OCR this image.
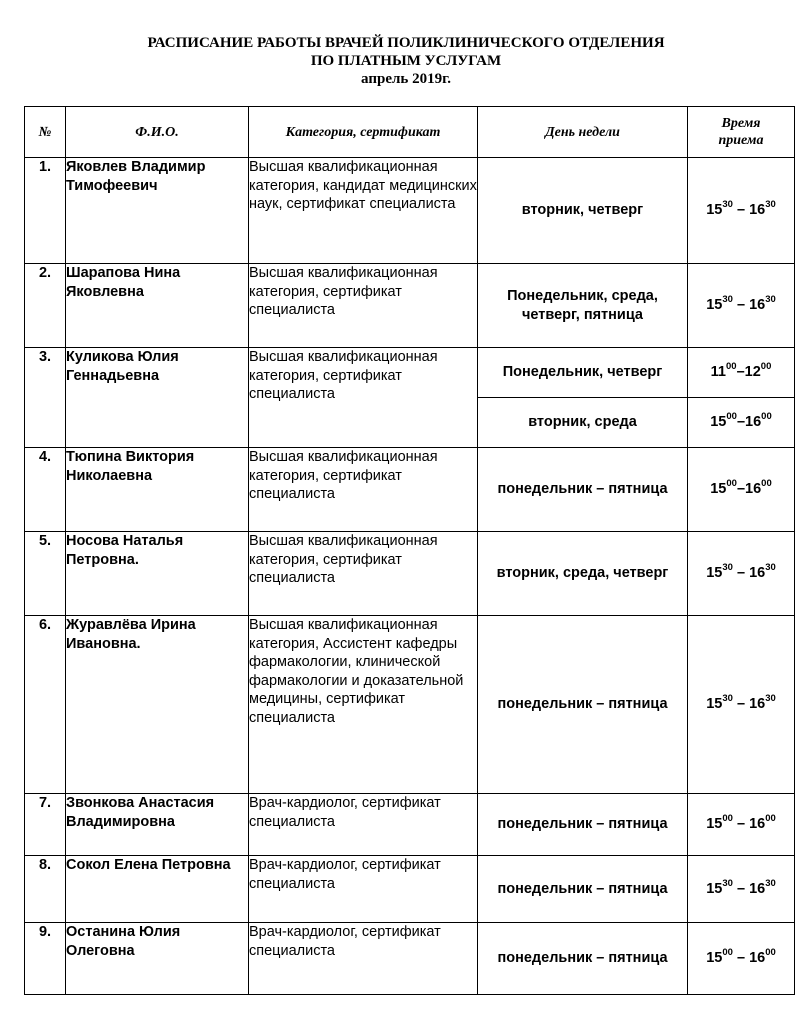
РАСПИСАНИЕ РАБОТЫ ВРАЧЕЙ ПОЛИКЛИНИЧЕСКОГО ОТДЕЛЕНИЯ
ПО ПЛАТНЫМ УСЛУГАМ
апрель 2019г.
№	Ф.И.О.	Категория, сертификат	День недели	Время приема
1.	Яковлев Владимир Тимофеевич	Высшая квалификационная категория, кандидат медицинских наук, сертификат специалиста	вторник, четверг	$15^{30} - 16^{30}$
2.	Шарапова Нина Яковлевна	Высшая квалификационная категория, сертификат специалиста	Понедельник, среда, четверг, пятница	$15^{30} - 16^{30}$
3.	Куликова Юлия Геннадьевна	Высшая квалификационная категория, сертификат специалиста	Понедельник, четверг	$11^{00}-12^{00}$
			вторник, среда	$15^{00}-16^{00}$
4.	Тюпина Виктория Николаевна	Высшая квалификационная категория, сертификат специалиста	понедельник – пятница	$15^{00}-16^{00}$
5.	Носова Наталья Петровна.	Высшая квалификационная категория, сертификат специалиста	вторник, среда, четверг	$15^{30} - 16^{30}$
6.	Журавлёва Ирина Ивановна.	Высшая квалификационная категория, Ассистент кафедры фармакологии, клинической фармакологии и доказательной медицины, сертификат специалиста	понедельник – пятница	$15^{30} - 16^{30}$
7.	Звонкова Анастасия Владимировна	Врач-кардиолог, сертификат специалиста	понедельник – пятница	$15^{00} - 16^{00}$
8.	Сокол Елена Петровна	Врач-кардиолог, сертификат специалиста	понедельник – пятница	$15^{30} - 16^{30}$
9.	Останина Юлия Олеговна	Врач-кардиолог, сертификат специалиста	понедельник – пятница	$15^{00} - 16^{00}$
